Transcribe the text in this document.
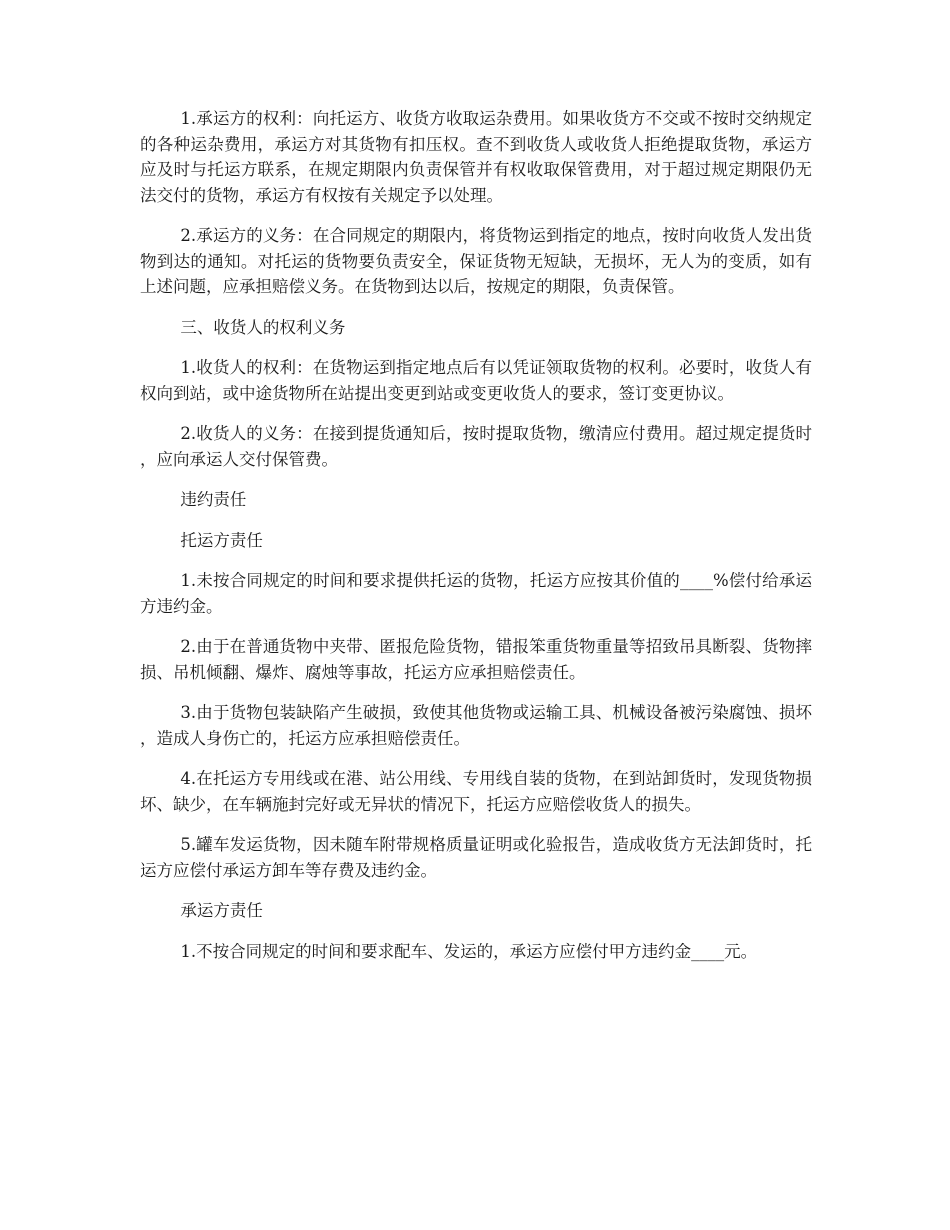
1.承运方的权利：向托运方、收货方收取运杂费用。如果收货方不交或不按时交纳规定的各种运杂费用，承运方对其货物有扣压权。查不到收货人或收货人拒绝提取货物，承运方应及时与托运方联系，在规定期限内负责保管并有权收取保管费用，对于超过规定期限仍无法交付的货物，承运方有权按有关规定予以处理。

2.承运方的义务：在合同规定的期限内，将货物运到指定的地点，按时向收货人发出货物到达的通知。对托运的货物要负责安全，保证货物无短缺，无损坏，无人为的变质，如有上述问题，应承担赔偿义务。在货物到达以后，按规定的期限，负责保管。

三、收货人的权利义务

1.收货人的权利：在货物运到指定地点后有以凭证领取货物的权利。必要时，收货人有权向到站，或中途货物所在站提出变更到站或变更收货人的要求，签订变更协议。

2.收货人的义务：在接到提货通知后，按时提取货物，缴清应付费用。超过规定提货时，应向承运人交付保管费。

违约责任

托运方责任

1.未按合同规定的时间和要求提供托运的货物，托运方应按其价值的____%偿付给承运方违约金。

2.由于在普通货物中夹带、匿报危险货物，错报笨重货物重量等招致吊具断裂、货物摔损、吊机倾翻、爆炸、腐烛等事故，托运方应承担赔偿责任。

3.由于货物包装缺陷产生破损，致使其他货物或运输工具、机械设备被污染腐蚀、损坏，造成人身伤亡的，托运方应承担赔偿责任。

4.在托运方专用线或在港、站公用线、专用线自装的货物，在到站卸货时，发现货物损坏、缺少，在车辆施封完好或无异状的情况下，托运方应赔偿收货人的损失。

5.罐车发运货物，因未随车附带规格质量证明或化验报告，造成收货方无法卸货时，托运方应偿付承运方卸车等存费及违约金。

承运方责任

1.不按合同规定的时间和要求配车、发运的，承运方应偿付甲方违约金____元。
